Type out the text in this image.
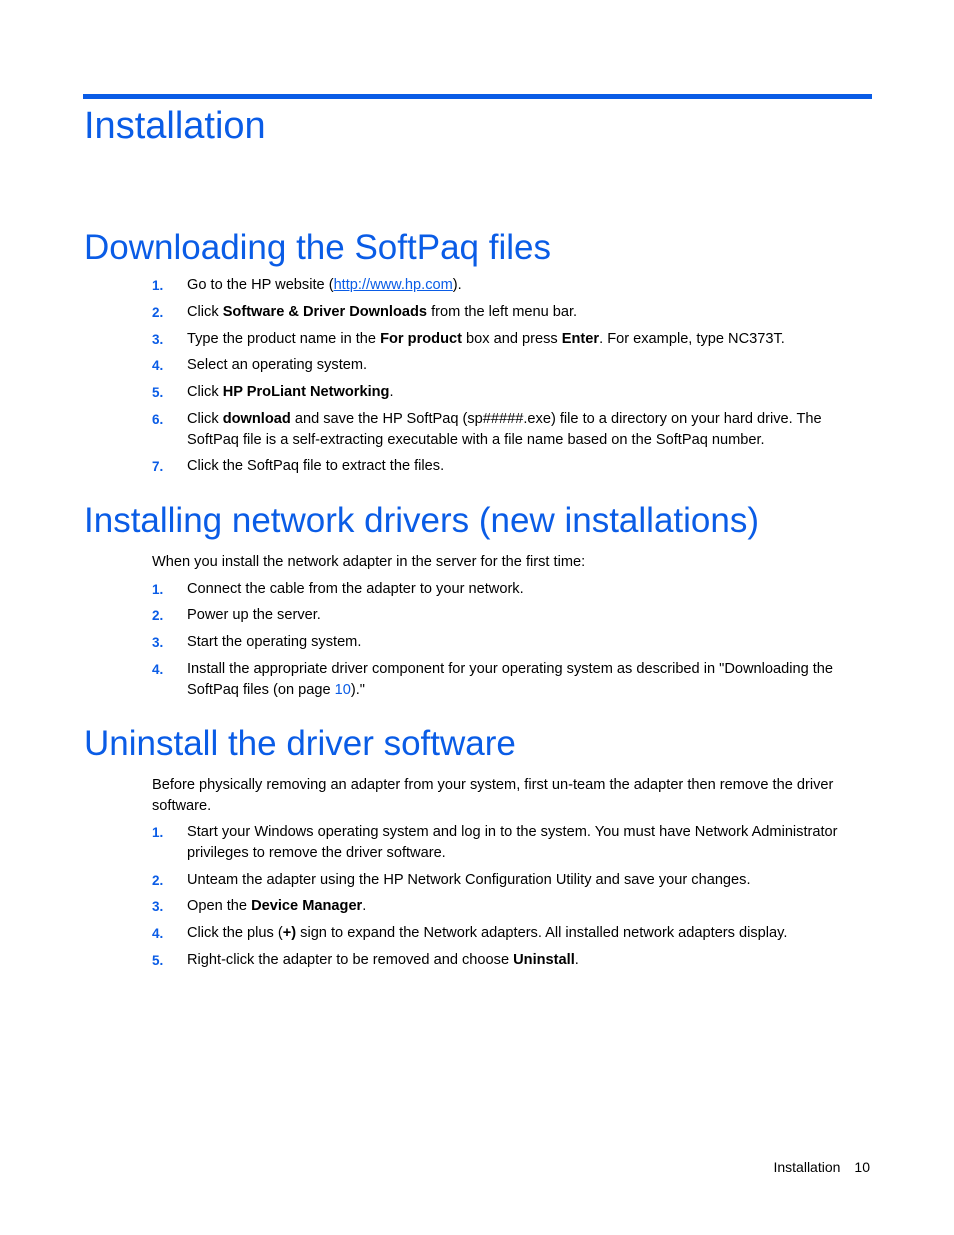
Installation
Downloading the SoftPaq files
1. Go to the HP website (http://www.hp.com).
2. Click Software & Driver Downloads from the left menu bar.
3. Type the product name in the For product box and press Enter. For example, type NC373T.
4. Select an operating system.
5. Click HP ProLiant Networking.
6. Click download and save the HP SoftPaq (sp#####.exe) file to a directory on your hard drive. The SoftPaq file is a self-extracting executable with a file name based on the SoftPaq number.
7. Click the SoftPaq file to extract the files.
Installing network drivers (new installations)

When you install the network adapter in the server for the first time:

1. Connect the cable from the adapter to your network.
2. Power up the server.
3. Start the operating system.
4. Install the appropriate driver component for your operating system as described in "Downloading the SoftPaq files (on page 10)."
Uninstall the driver software

Before physically removing an adapter from your system, first un-team the adapter then remove the driver software.

1. Start your Windows operating system and log in to the system. You must have Network Administrator privileges to remove the driver software.
2. Unteam the adapter using the HP Network Configuration Utility and save your changes.
3. Open the Device Manager.
4. Click the plus (+) sign to expand the Network adapters. All installed network adapters display.
5. Right-click the adapter to be removed and choose Uninstall.
Installation 10
